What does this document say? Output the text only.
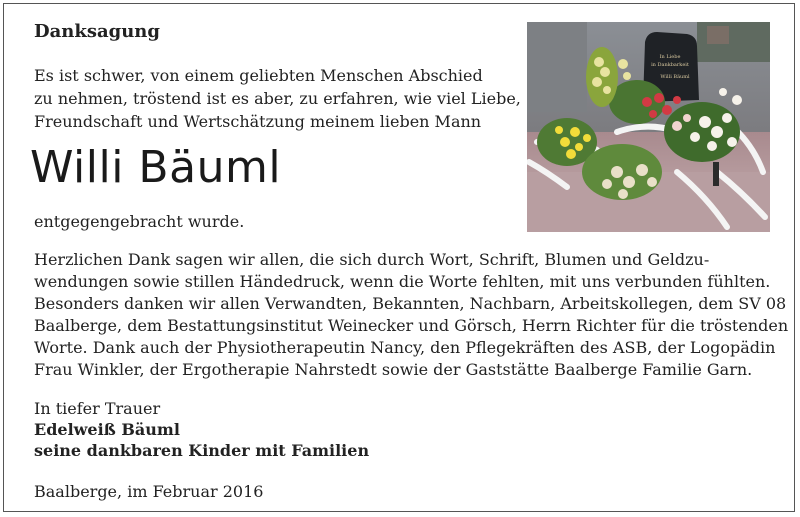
Danksagung
Es ist schwer, von einem geliebten Menschen Abschied
zu nehmen, tröstend ist es aber, zu erfahren, wie viel Liebe,
Freundschaft und Wertschätzung meinem lieben Mann
Willi Bäuml
entgegengebracht wurde.
Herzlichen Dank sagen wir allen, die sich durch Wort, Schrift, Blumen und Geldzu-
wendungen sowie stillen Händedruck, wenn die Worte fehlten, mit uns verbunden fühlten.
Besonders danken wir allen Verwandten, Bekannten, Nachbarn, Arbeitskollegen, dem SV 08
Baalberge, dem Bestattungsinstitut Weinecker und Görsch, Herrn Richter für die tröstenden
Worte. Dank auch der Physiotherapeutin Nancy, den Pflegekräften des ASB, der Logopädin
Frau Winkler, der Ergotherapie Nahrstedt sowie der Gaststätte Baalberge Familie Garn.
In tiefer Trauer
Edelweiß Bäuml
seine dankbaren Kinder mit Familien
Baalberge, im Februar 2016
In Liebe
in Dankbarkeit
Willi Bäuml
